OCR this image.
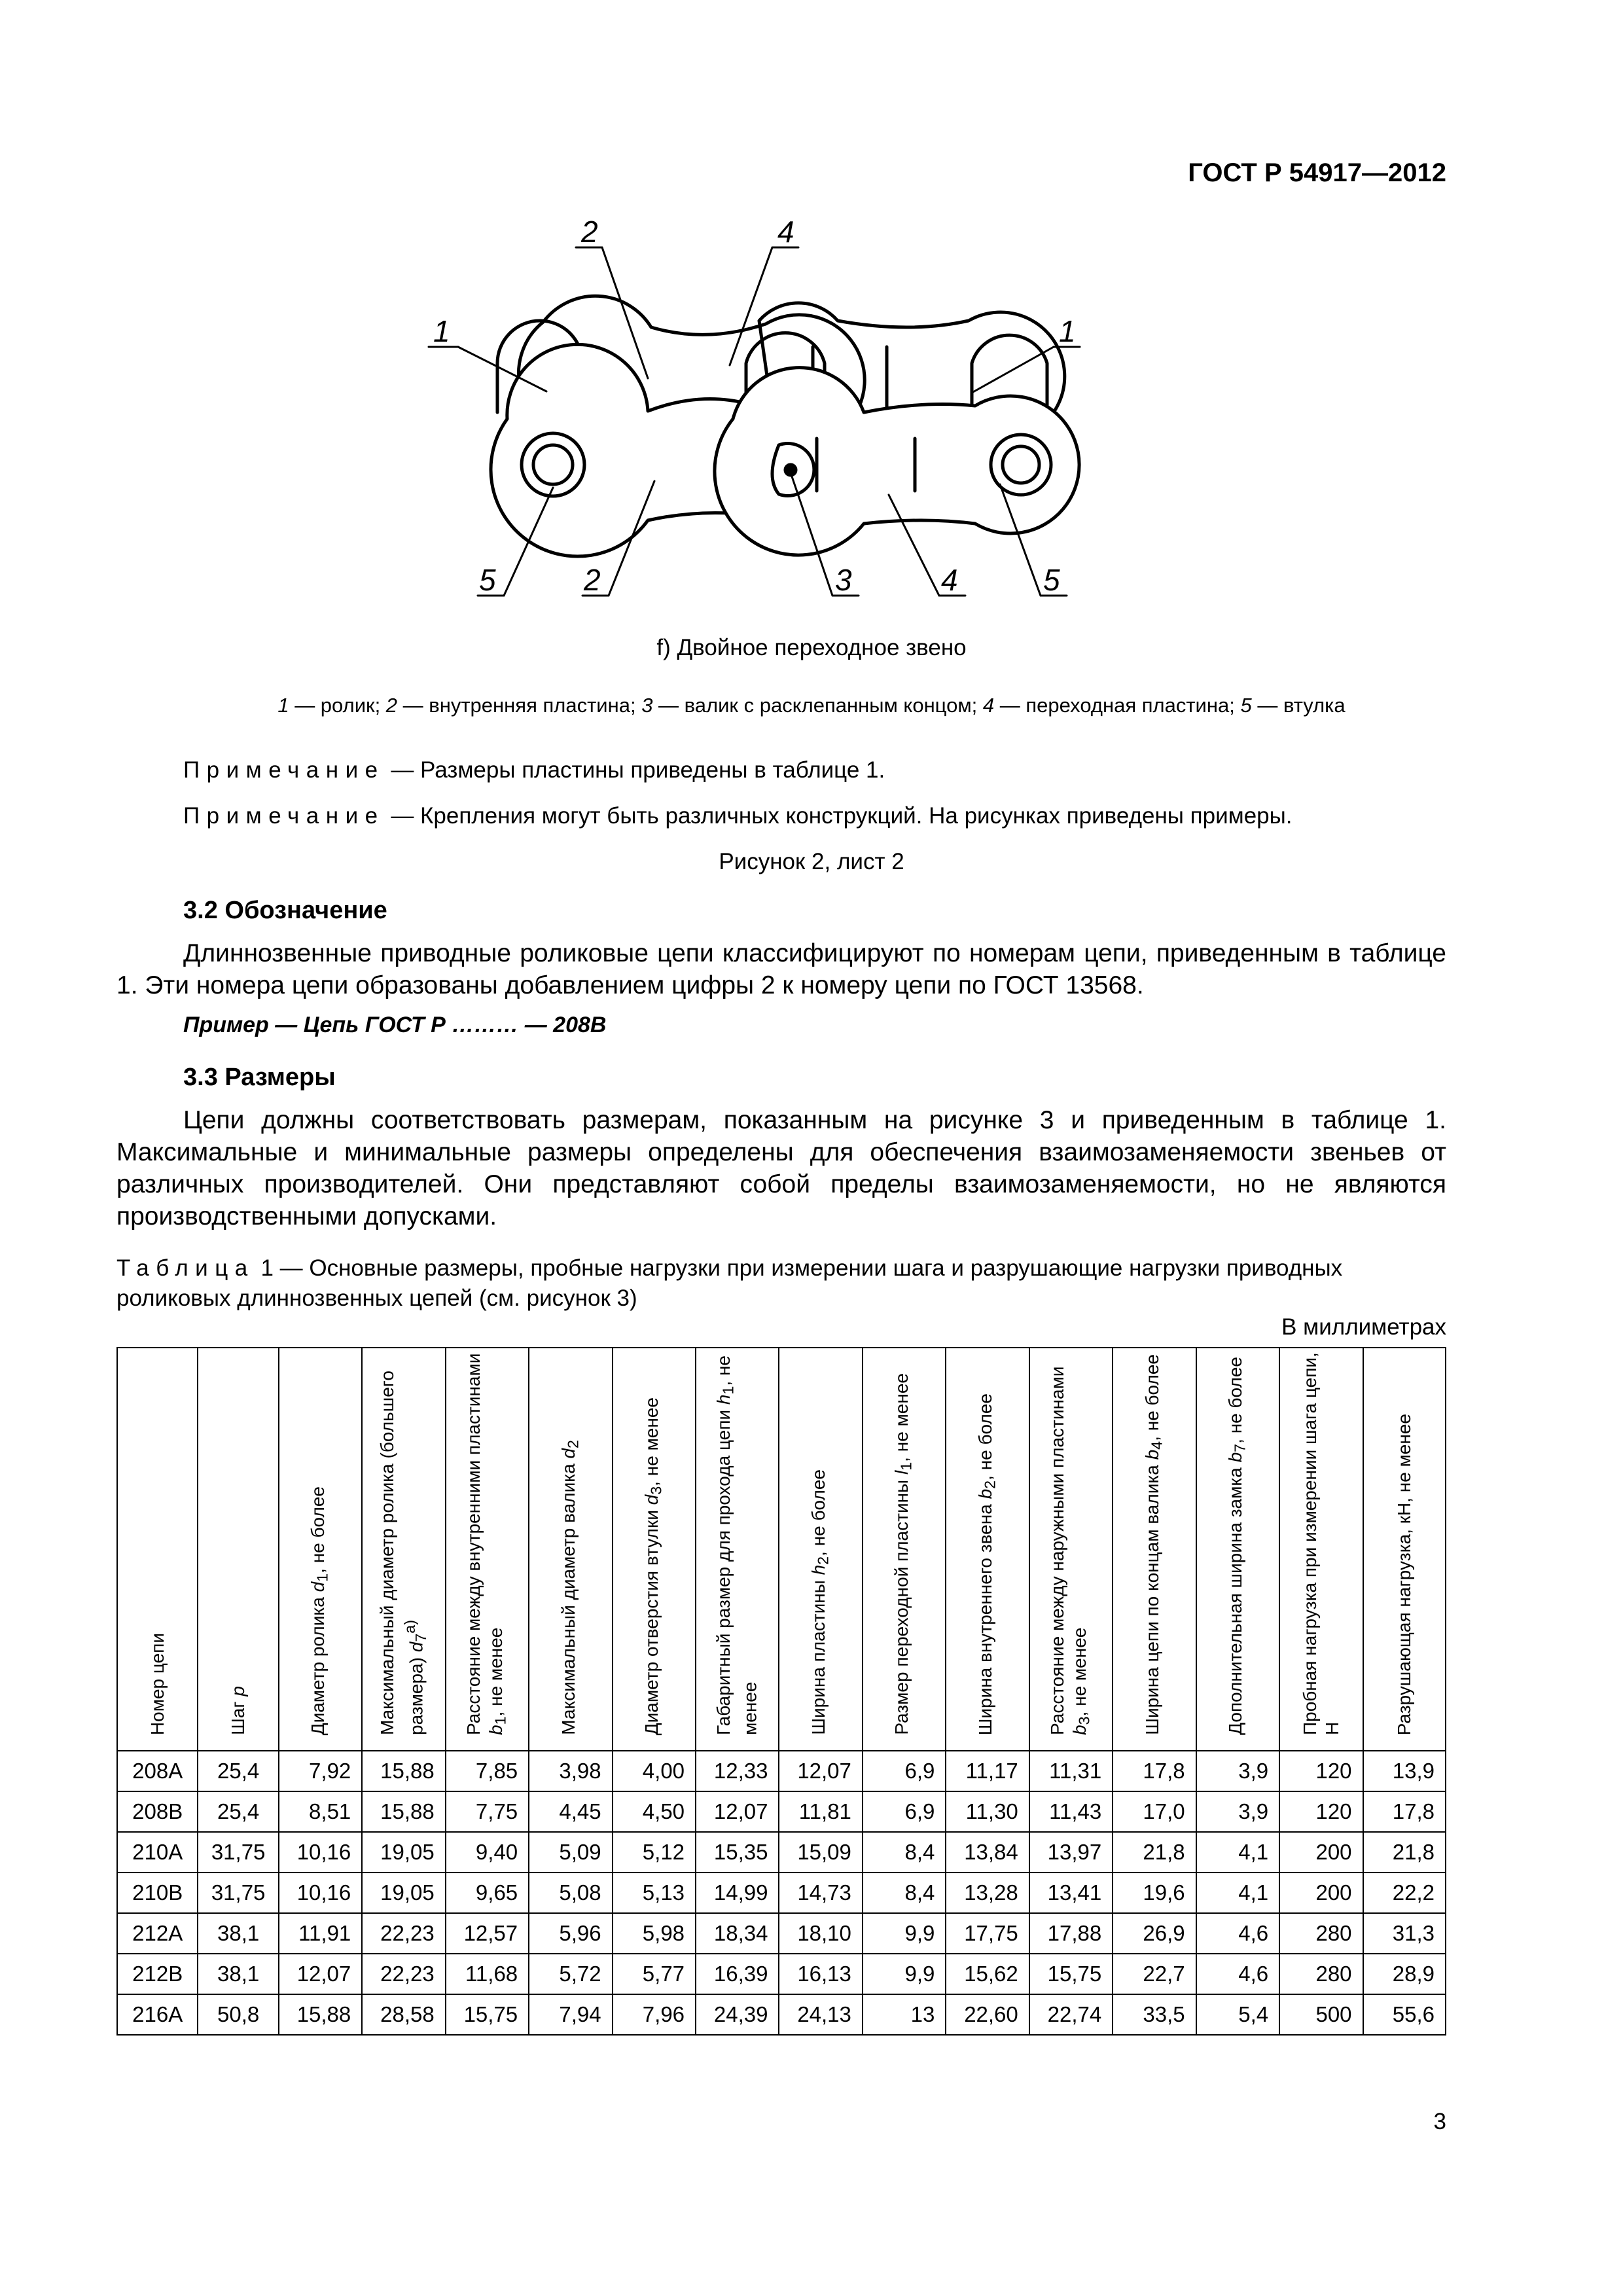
ГОСТ Р 54917—2012
1
2	4
1
5	2	3	4	5
f) Двойное переходное звено
1 — ролик; 2 — внутренняя пластина; 3 — валик с расклепанным концом; 4 — переходная пластина; 5 — втулка
Примечание — Размеры пластины приведены в таблице 1.
Примечание — Крепления могут быть различных конструкций. На рисунках приведены примеры.
Рисунок 2, лист 2
3.2 Обозначение
Длиннозвенные приводные роликовые цепи классифицируют по номерам цепи, приведенным в таблице 1. Эти номера цепи образованы добавлением цифры 2 к номеру цепи по ГОСТ 13568.
Пример — Цепь ГОСТ Р ……… — 208В
3.3 Размеры
Цепи должны соответствовать размерам, показанным на рисунке 3 и приведенным в таблице 1. Максимальные и минимальные размеры определены для обеспечения взаимозаменяемости звеньев от различных производителей. Они представляют собой пределы взаимозаменяемости, но не являются производственными допусками.
Таблица 1 — Основные размеры, пробные нагрузки при измерении шага и разрушающие нагрузки приводных роликовых длиннозвенных цепей (см. рисунок 3)
В миллиметрах
Номер цепи	Шаг p	Диаметр ролика $d_1$, не более	Максимальный диаметр ролика (большего размера) $d_7^{a)}$	Расстояние между внутренними пластинами $b_1$, не менее	Максимальный диаметр валика $d_2$	Диаметр отверстия втулки $d_3$, не менее	Габаритный размер для прохода цепи $h_1$, не менее	Ширина пластины $h_2$, не более	Размер переходной пластины $l_1$, не менее	Ширина внутреннего звена $b_2$, не более	Расстояние между наружными пластинами $b_3$, не менее	Ширина цепи по концам валика $b_4$, не более	Дополнительная ширина замка $b_7$, не более	Пробная нагрузка при измерении шага цепи, Н	Разрушающая нагрузка, кН, не менее
208A	25,4	7,92	15,88	7,85	3,98	4,00	12,33	12,07	6,9	11,17	11,31	17,8	3,9	120	13,9
208B	25,4	8,51	15,88	7,75	4,45	4,50	12,07	11,81	6,9	11,30	11,43	17,0	3,9	120	17,8
210A	31,75	10,16	19,05	9,40	5,09	5,12	15,35	15,09	8,4	13,84	13,97	21,8	4,1	200	21,8
210B	31,75	10,16	19,05	9,65	5,08	5,13	14,99	14,73	8,4	13,28	13,41	19,6	4,1	200	22,2
212A	38,1	11,91	22,23	12,57	5,96	5,98	18,34	18,10	9,9	17,75	17,88	26,9	4,6	280	31,3
212B	38,1	12,07	22,23	11,68	5,72	5,77	16,39	16,13	9,9	15,62	15,75	22,7	4,6	280	28,9
216A	50,8	15,88	28,58	15,75	7,94	7,96	24,39	24,13	13	22,60	22,74	33,5	5,4	500	55,6
3
